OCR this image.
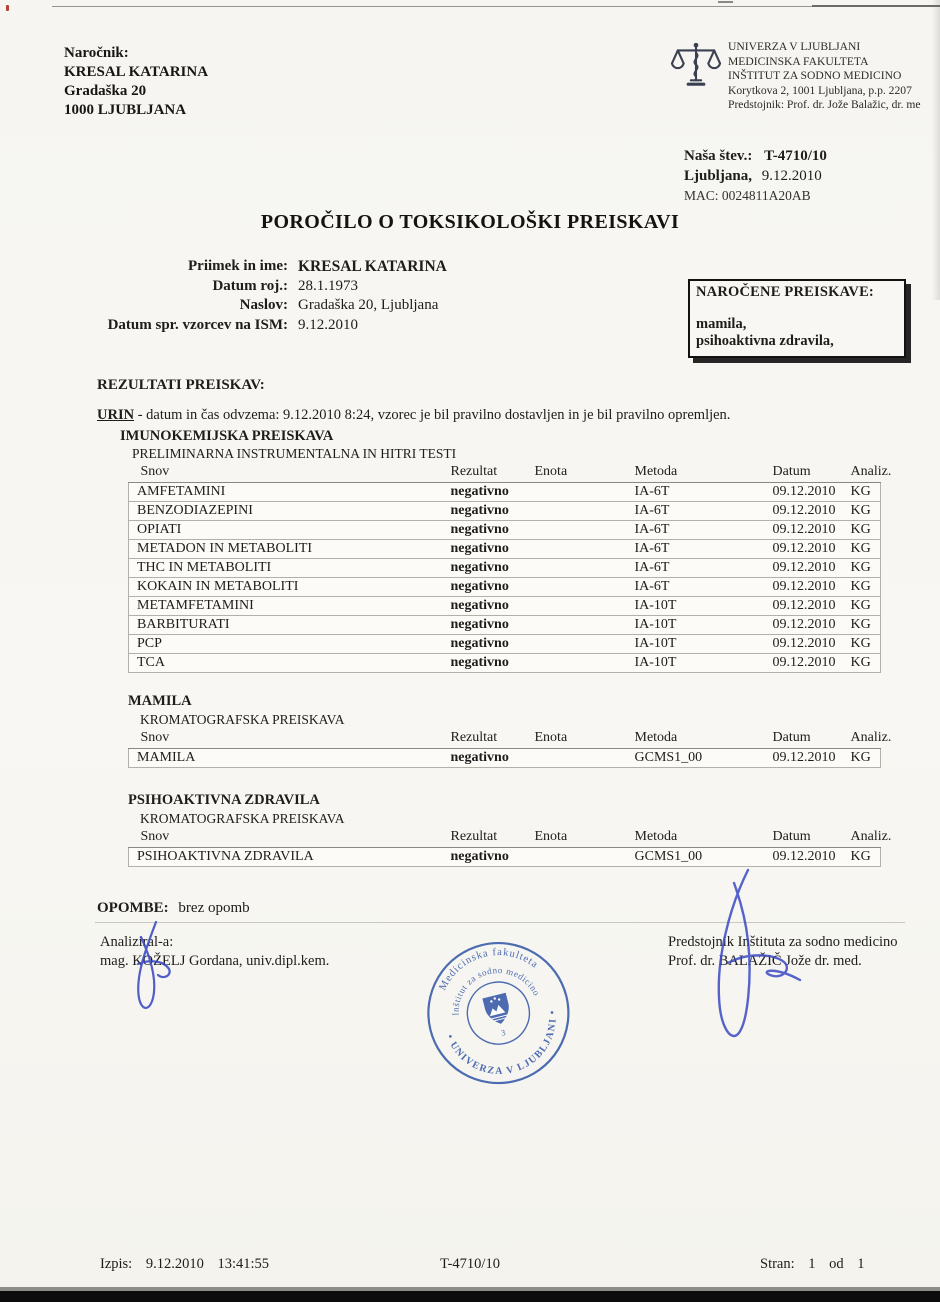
Naročnik:
KRESAL KATARINA
Gradaška 20
1000 LJUBLJANA
UNIVERZA V LJUBLJANI
MEDICINSKA FAKULTETA
INŠTITUT ZA SODNO MEDICINO
Korytkova 2, 1001 Ljubljana, p.p. 2207
Predstojnik: Prof. dr. Jože Balažic, dr. me
Naša štev.: T-4710/10
Ljubljana, 9.12.2010
MAC: 0024811A20AB
POROČILO O TOKSIKOLOŠKI PREISKAVI
Priimek in ime: KRESAL KATARINA
Datum roj.: 28.1.1973
Naslov: Gradaška 20, Ljubljana
Datum spr. vzorcev na ISM: 9.12.2010
NAROČENE PREISKAVE:
mamila,
psihoaktivna zdravila,
REZULTATI PREISKAV:
URIN - datum in čas odvzema: 9.12.2010 8:24, vzorec je bil pravilno dostavljen in je bil pravilno opremljen.
IMUNOKEMIJSKA PREISKAVA
PRELIMINARNA INSTRUMENTALNA IN HITRI TESTI
Snov	Rezultat	Enota	Metoda	Datum	Analiz.
AMFETAMINI	negativno		IA-6T	09.12.2010	KG
BENZODIAZEPINI	negativno		IA-6T	09.12.2010	KG
OPIATI	negativno		IA-6T	09.12.2010	KG
METADON IN METABOLITI	negativno		IA-6T	09.12.2010	KG
THC IN METABOLITI	negativno		IA-6T	09.12.2010	KG
KOKAIN IN METABOLITI	negativno		IA-6T	09.12.2010	KG
METAMFETAMINI	negativno		IA-10T	09.12.2010	KG
BARBITURATI	negativno		IA-10T	09.12.2010	KG
PCP	negativno		IA-10T	09.12.2010	KG
TCA	negativno		IA-10T	09.12.2010	KG
MAMILA
KROMATOGRAFSKA PREISKAVA
Snov	Rezultat	Enota	Metoda	Datum	Analiz.
MAMILA	negativno		GCMS1_00	09.12.2010	KG
PSIHOAKTIVNA ZDRAVILA
KROMATOGRAFSKA PREISKAVA
Snov	Rezultat	Enota	Metoda	Datum	Analiz.
PSIHOAKTIVNA ZDRAVILA	negativno		GCMS1_00	09.12.2010	KG
OPOMBE: brez opomb
Analiziral-a:
mag. KOŽELJ Gordana, univ.dipl.kem.
Predstojnik Inštituta za sodno medicino
Prof. dr. BALAŽIČ Jože dr. med.
Medicinska fakulteta
Inštitut za sodno medicino
• UNIVERZA V LJUBLJANI •
3
Izpis: 9.12.2010 13:41:55	T-4710/10	Stran: 1 od 1
